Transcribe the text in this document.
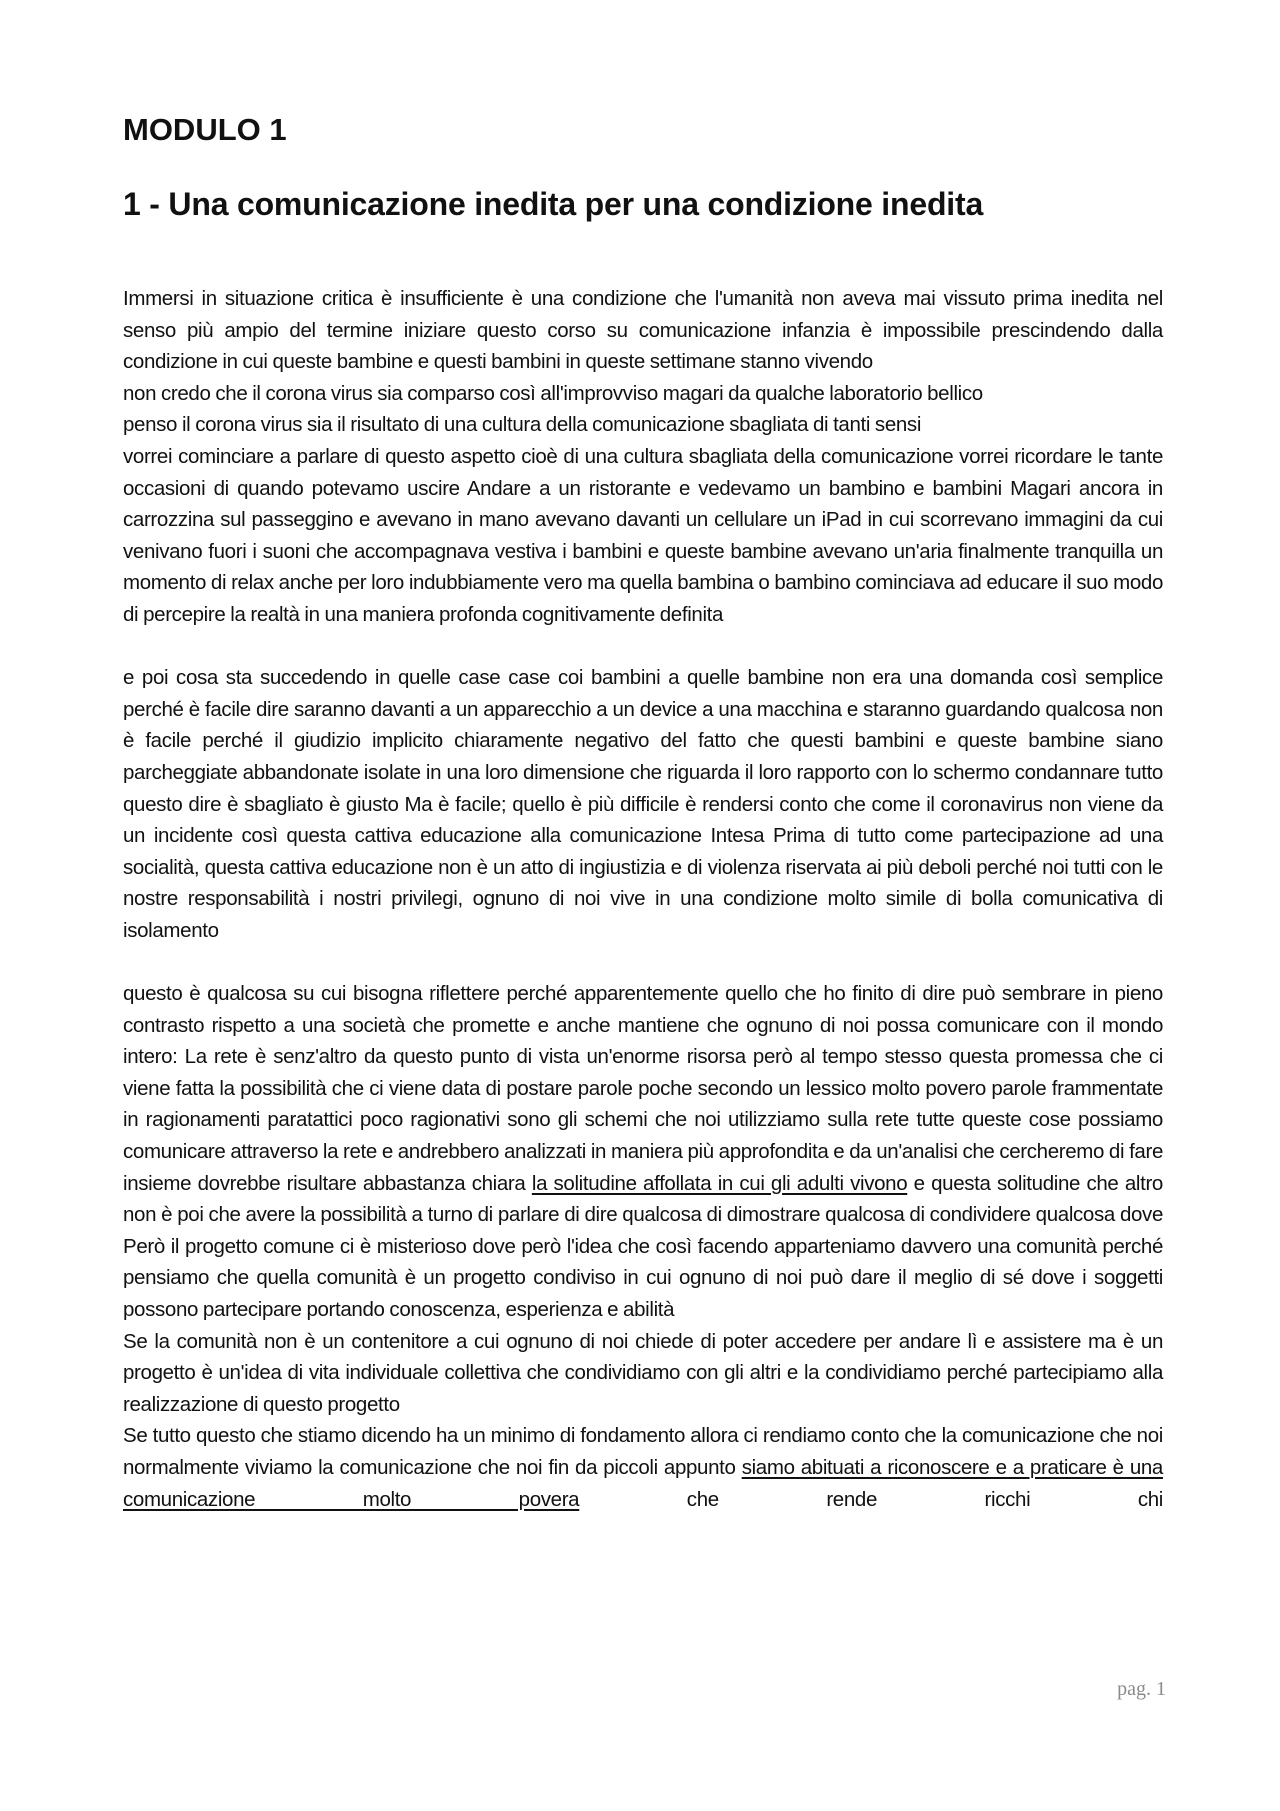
MODULO 1
1 - Una comunicazione inedita per una condizione inedita

Immersi in situazione critica è insufficiente è una condizione che l'umanità non aveva mai vissuto prima inedita nel senso più ampio del termine iniziare questo corso su comunicazione infanzia è impossibile prescindendo dalla condizione in cui queste bambine e questi bambini in queste settimane stanno vivendo

non credo che il corona virus sia comparso così all'improvviso magari da qualche laboratorio bellico

penso il corona virus sia il risultato di una cultura della comunicazione sbagliata di tanti sensi

vorrei cominciare a parlare di questo aspetto cioè di una cultura sbagliata della comunicazione vorrei ricordare le tante occasioni di quando potevamo uscire Andare a un ristorante e vedevamo un bambino e bambini Magari ancora in carrozzina sul passeggino e avevano in mano avevano davanti un cellulare un iPad in cui scorrevano immagini da cui venivano fuori i suoni che accompagnava vestiva i bambini e queste bambine avevano un'aria finalmente tranquilla un momento di relax anche per loro indubbiamente vero ma quella bambina o bambino cominciava ad educare il suo modo di percepire la realtà in una maniera profonda cognitivamente definita

e poi cosa sta succedendo in quelle case case coi bambini a quelle bambine non era una domanda così semplice perché è facile dire saranno davanti a un apparecchio a un device a una macchina e staranno guardando qualcosa non è facile perché il giudizio implicito chiaramente negativo del fatto che questi bambini e queste bambine siano parcheggiate abbandonate isolate in una loro dimensione che riguarda il loro rapporto con lo schermo condannare tutto questo dire è sbagliato è giusto Ma è facile; quello è più difficile è rendersi conto che come il coronavirus non viene da un incidente così questa cattiva educazione alla comunicazione Intesa Prima di tutto come partecipazione ad una socialità, questa cattiva educazione non è un atto di ingiustizia e di violenza riservata ai più deboli perché noi tutti con le nostre responsabilità i nostri privilegi, ognuno di noi vive in una condizione molto simile di bolla comunicativa di isolamento

questo è qualcosa su cui bisogna riflettere perché apparentemente quello che ho finito di dire può sembrare in pieno contrasto rispetto a una società che promette e anche mantiene che ognuno di noi possa comunicare con il mondo intero: La rete è senz'altro da questo punto di vista un'enorme risorsa però al tempo stesso questa promessa che ci viene fatta la possibilità che ci viene data di postare parole poche secondo un lessico molto povero parole frammentate in ragionamenti paratattici poco ragionativi sono gli schemi che noi utilizziamo sulla rete tutte queste cose possiamo comunicare attraverso la rete e andrebbero analizzati in maniera più approfondita e da un'analisi che cercheremo di fare insieme dovrebbe risultare abbastanza chiara la solitudine affollata in cui gli adulti vivono e questa solitudine che altro non è poi che avere la possibilità a turno di parlare di dire qualcosa di dimostrare qualcosa di condividere qualcosa dove Però il progetto comune ci è misterioso dove però l'idea che così facendo apparteniamo davvero una comunità perché pensiamo che quella comunità è un progetto condiviso in cui ognuno di noi può dare il meglio di sé dove i soggetti possono partecipare portando conoscenza, esperienza e abilità

Se la comunità non è un contenitore a cui ognuno di noi chiede di poter accedere per andare lì e assistere ma è un progetto è un'idea di vita individuale collettiva che condividiamo con gli altri e la condividiamo perché partecipiamo alla realizzazione di questo progetto

Se tutto questo che stiamo dicendo ha un minimo di fondamento allora ci rendiamo conto che la comunicazione che noi normalmente viviamo la comunicazione che noi fin da piccoli appunto siamo abituati a riconoscere e a praticare è una comunicazione molto povera che rende ricchi chi

pag. 1
